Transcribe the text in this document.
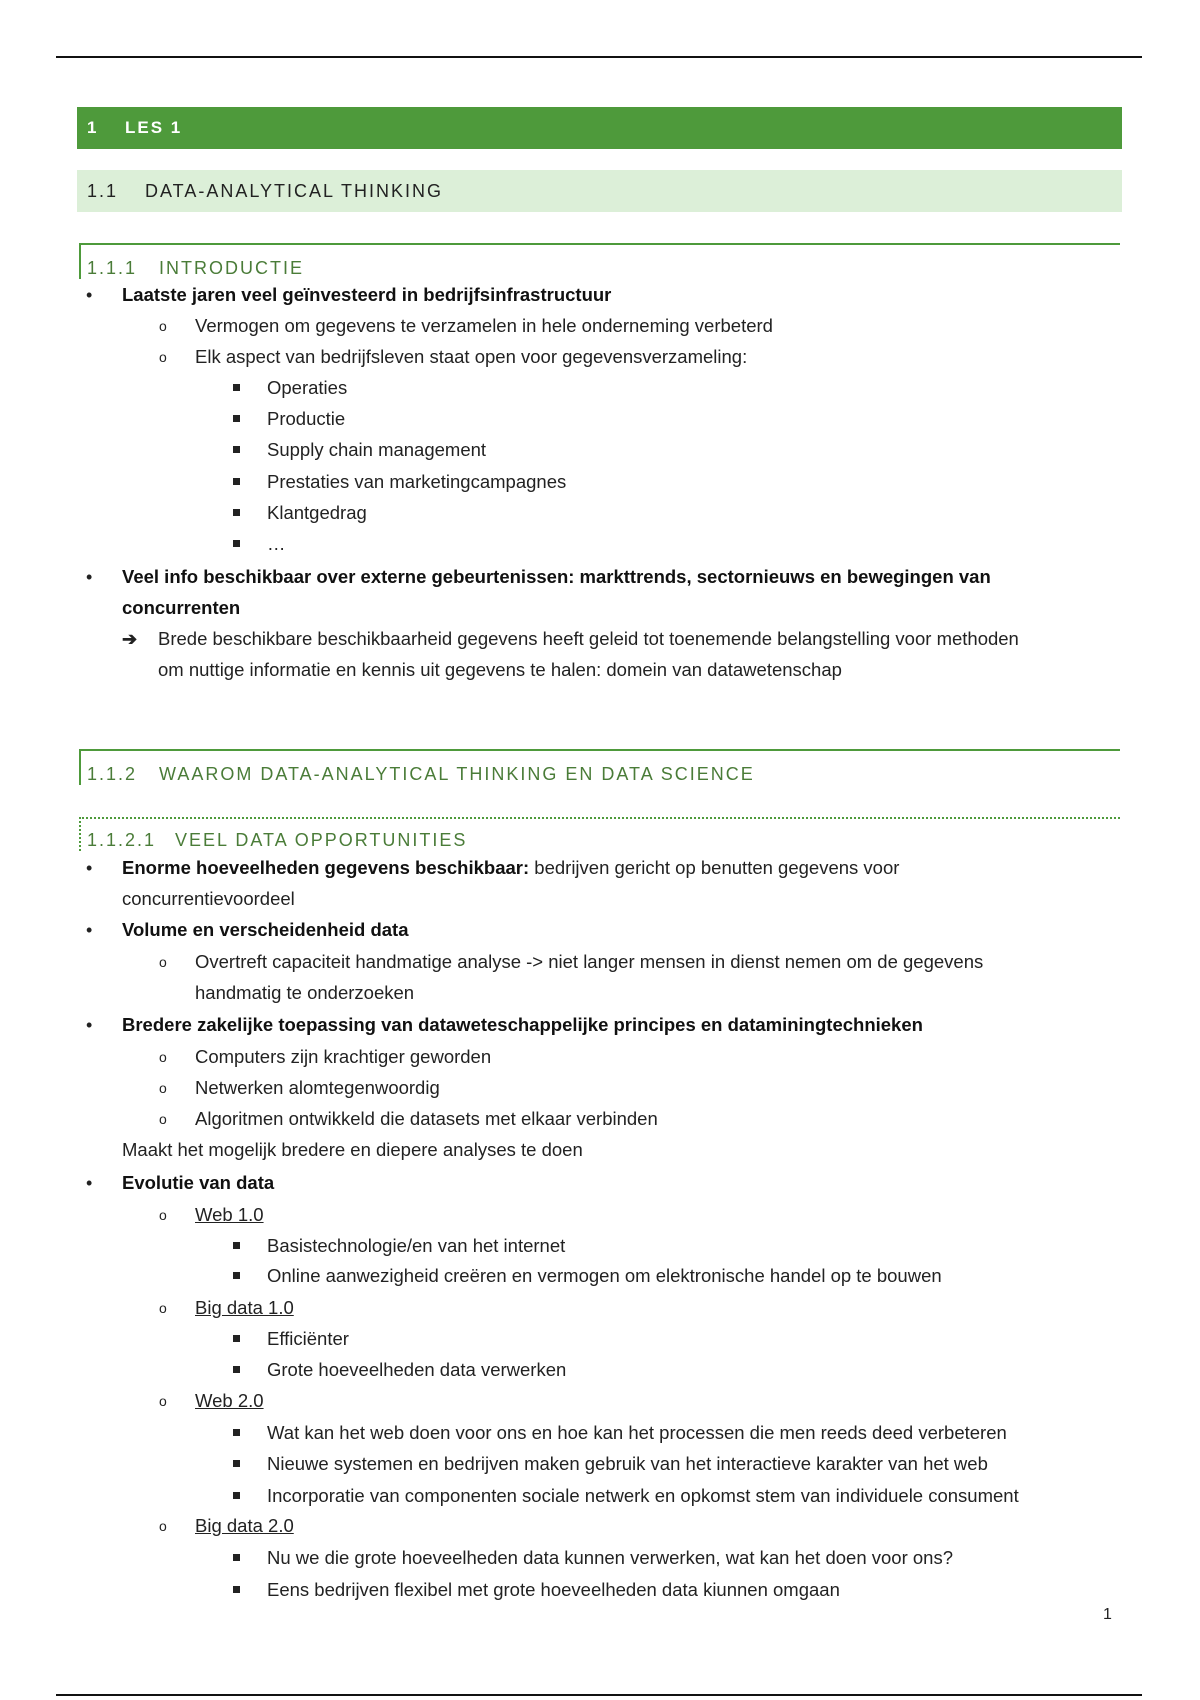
1	LES 1
1.1	DATA-ANALYTICAL THINKING
1.1.1	INTRODUCTIE
• Laatste jaren veel geïnvesteerd in bedrijfsinfrastructuur
o Vermogen om gegevens te verzamelen in hele onderneming verbeterd
o Elk aspect van bedrijfsleven staat open voor gegevensverzameling:
Operaties
Productie
Supply chain management
Prestaties van marketingcampagnes
Klantgedrag
…
• Veel info beschikbaar over externe gebeurtenissen: markttrends, sectornieuws en bewegingen van
concurrenten
➔ Brede beschikbare beschikbaarheid gegevens heeft geleid tot toenemende belangstelling voor methoden
om nuttige informatie en kennis uit gegevens te halen: domein van datawetenschap
1.1.2	WAAROM DATA-ANALYTICAL THINKING EN DATA SCIENCE
1.1.2.1	VEEL DATA OPPORTUNITIES
• Enorme hoeveelheden gegevens beschikbaar: bedrijven gericht op benutten gegevens voor
concurrentievoordeel
• Volume en verscheidenheid data
o Overtreft capaciteit handmatige analyse -> niet langer mensen in dienst nemen om de gegevens
handmatig te onderzoeken
• Bredere zakelijke toepassing van dataweteschappelijke principes en dataminingtechnieken
o Computers zijn krachtiger geworden
o Netwerken alomtegenwoordig
o Algoritmen ontwikkeld die datasets met elkaar verbinden
Maakt het mogelijk bredere en diepere analyses te doen
• Evolutie van data
o Web 1.0
Basistechnologie/en van het internet
Online aanwezigheid creëren en vermogen om elektronische handel op te bouwen
o Big data 1.0
Efficiënter
Grote hoeveelheden data verwerken
o Web 2.0
Wat kan het web doen voor ons en hoe kan het processen die men reeds deed verbeteren
Nieuwe systemen en bedrijven maken gebruik van het interactieve karakter van het web
Incorporatie van componenten sociale netwerk en opkomst stem van individuele consument
o Big data 2.0
Nu we die grote hoeveelheden data kunnen verwerken, wat kan het doen voor ons?
Eens bedrijven flexibel met grote hoeveelheden data kiunnen omgaan
1
